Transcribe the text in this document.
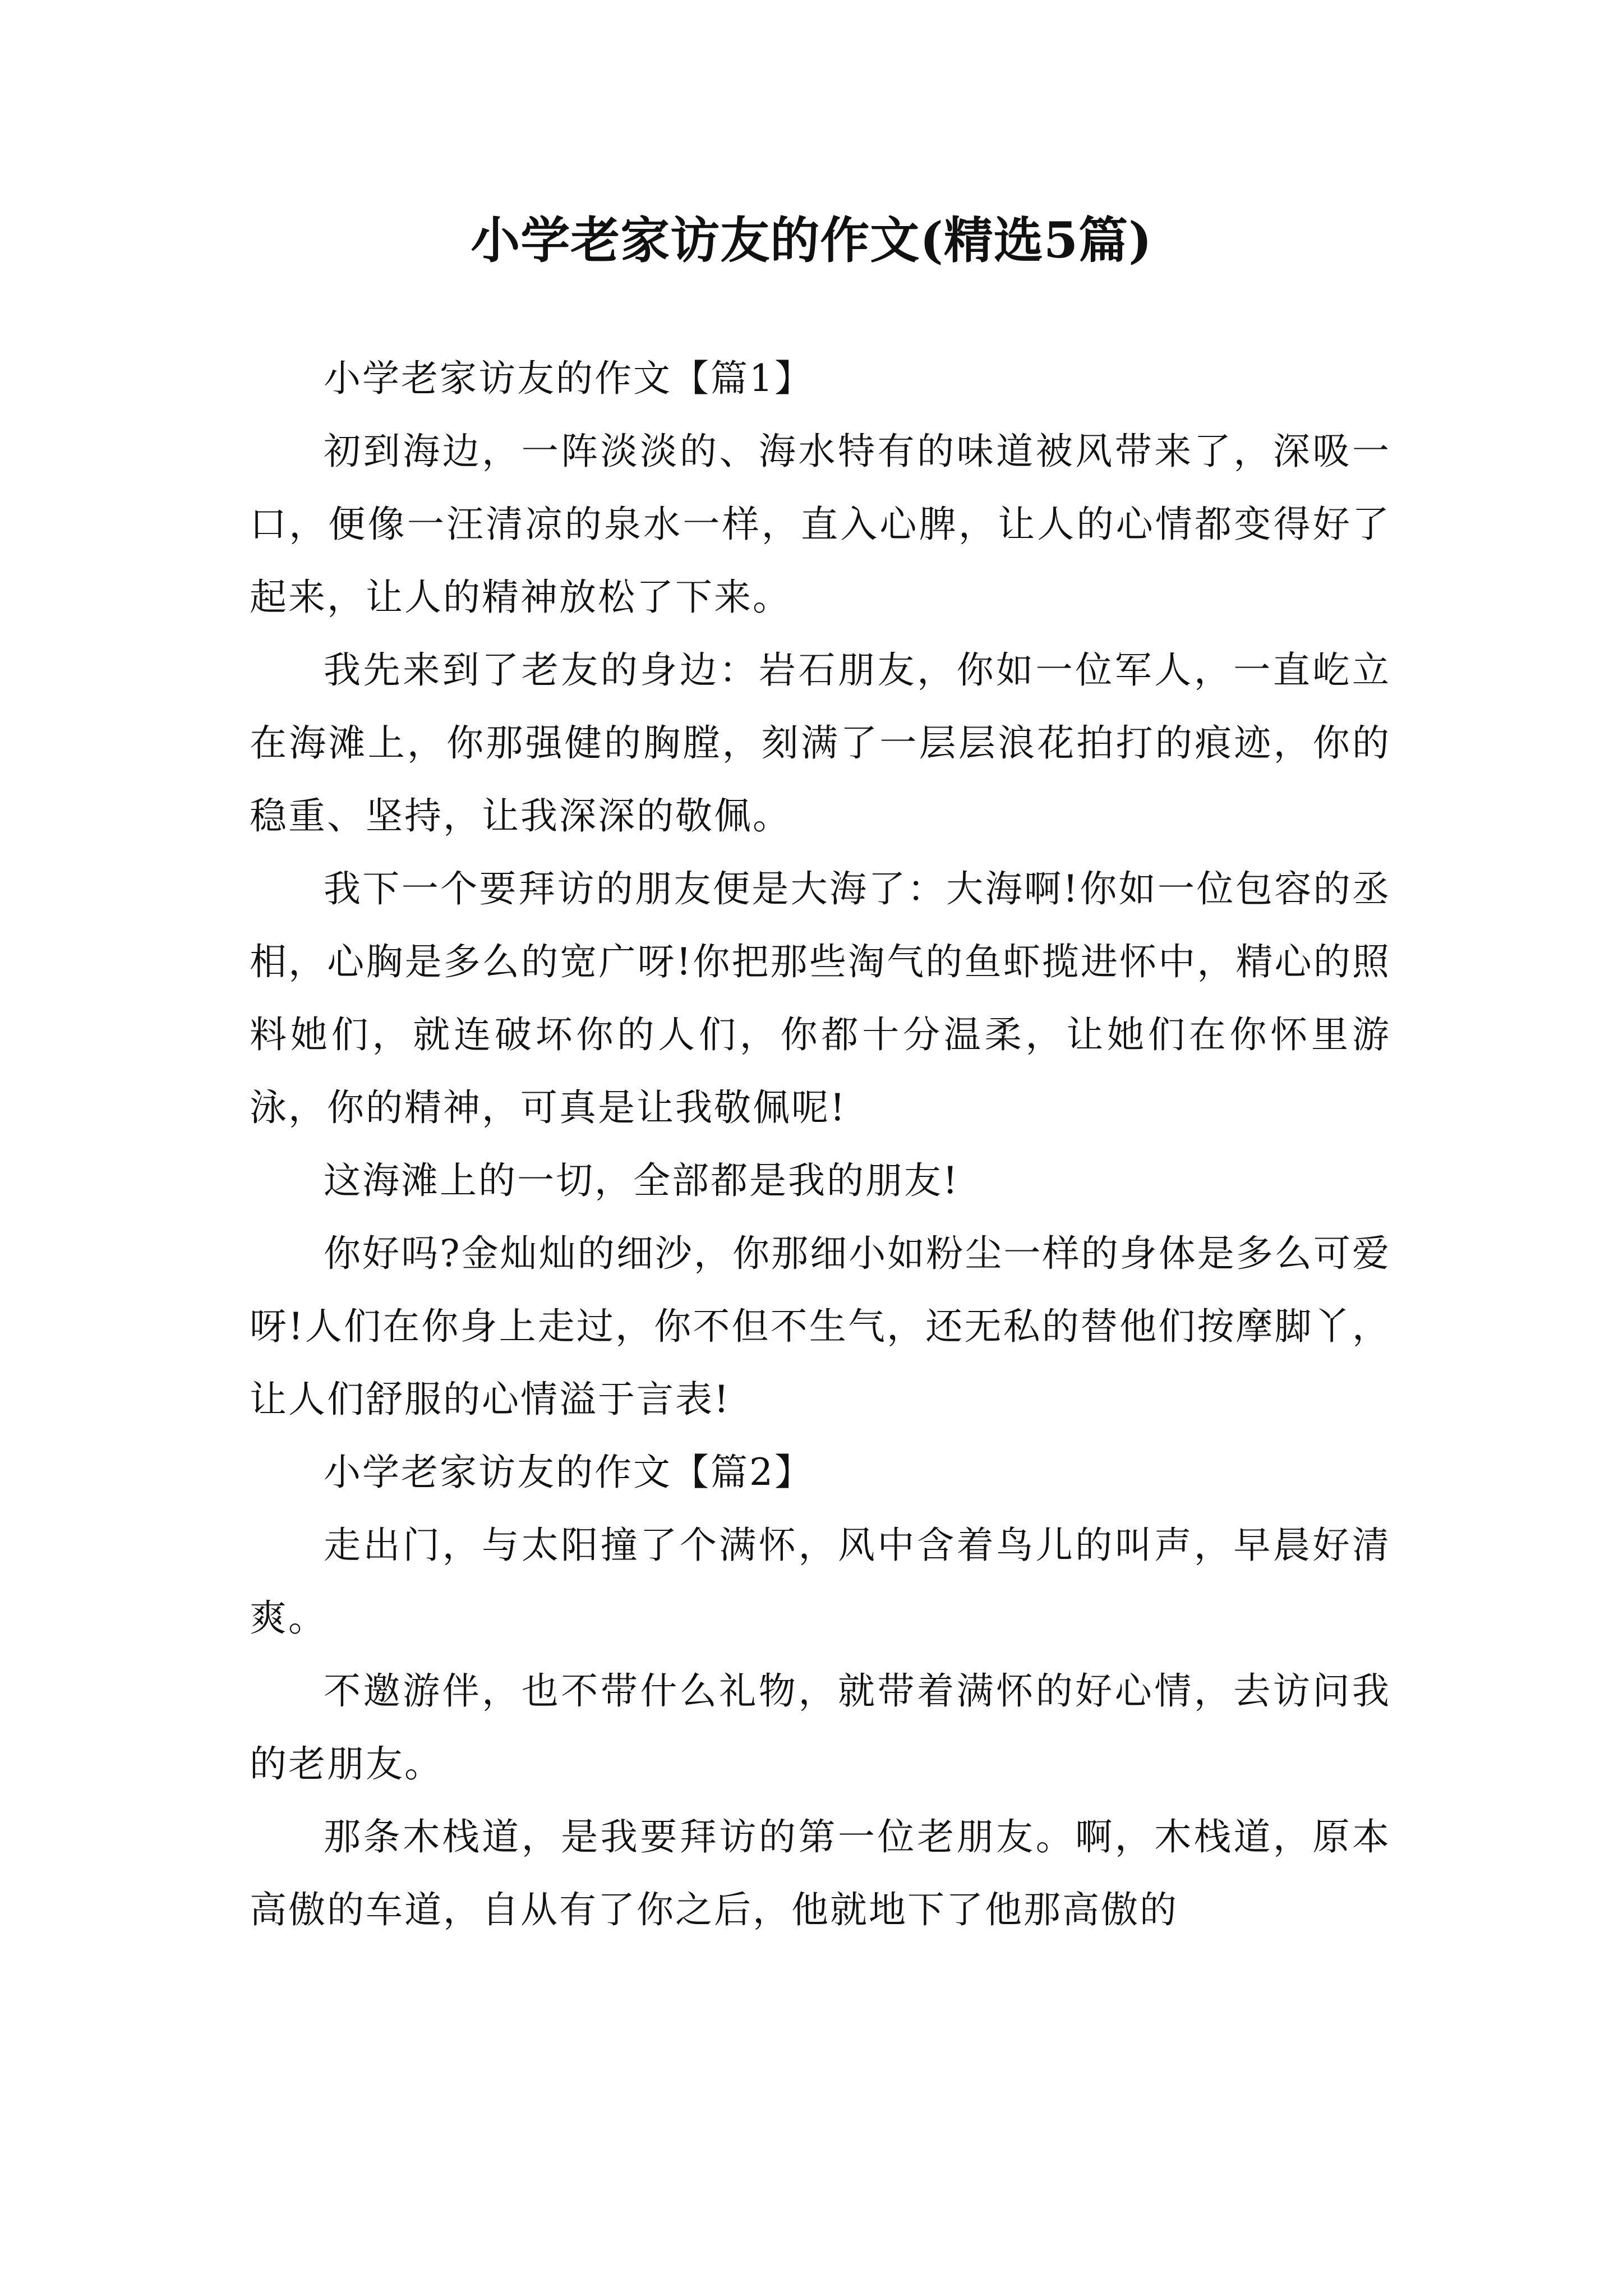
小学老家访友的作文(精选5篇)
小学老家访友的作文【篇1】

初到海边，一阵淡淡的、海水特有的味道被风带来了，深吸一口，便像一汪清凉的泉水一样，直入心脾，让人的心情都变得好了起来，让人的精神放松了下来。

我先来到了老友的身边：岩石朋友，你如一位军人，一直屹立在海滩上，你那强健的胸膛，刻满了一层层浪花拍打的痕迹，你的稳重、坚持，让我深深的敬佩。

我下一个要拜访的朋友便是大海了：大海啊!你如一位包容的丞相，心胸是多么的宽广呀!你把那些淘气的鱼虾揽进怀中，精心的照料她们，就连破坏你的人们，你都十分温柔，让她们在你怀里游泳，你的精神，可真是让我敬佩呢!

这海滩上的一切，全部都是我的朋友!

你好吗?金灿灿的细沙，你那细小如粉尘一样的身体是多么可爱呀!人们在你身上走过，你不但不生气，还无私的替他们按摩脚丫，让人们舒服的心情溢于言表!

小学老家访友的作文【篇2】

走出门，与太阳撞了个满怀，风中含着鸟儿的叫声，早晨好清爽。

不邀游伴，也不带什么礼物，就带着满怀的好心情，去访问我的老朋友。

那条木栈道，是我要拜访的第一位老朋友。啊，木栈道，原本高傲的车道，自从有了你之后，他就地下了他那高傲的
